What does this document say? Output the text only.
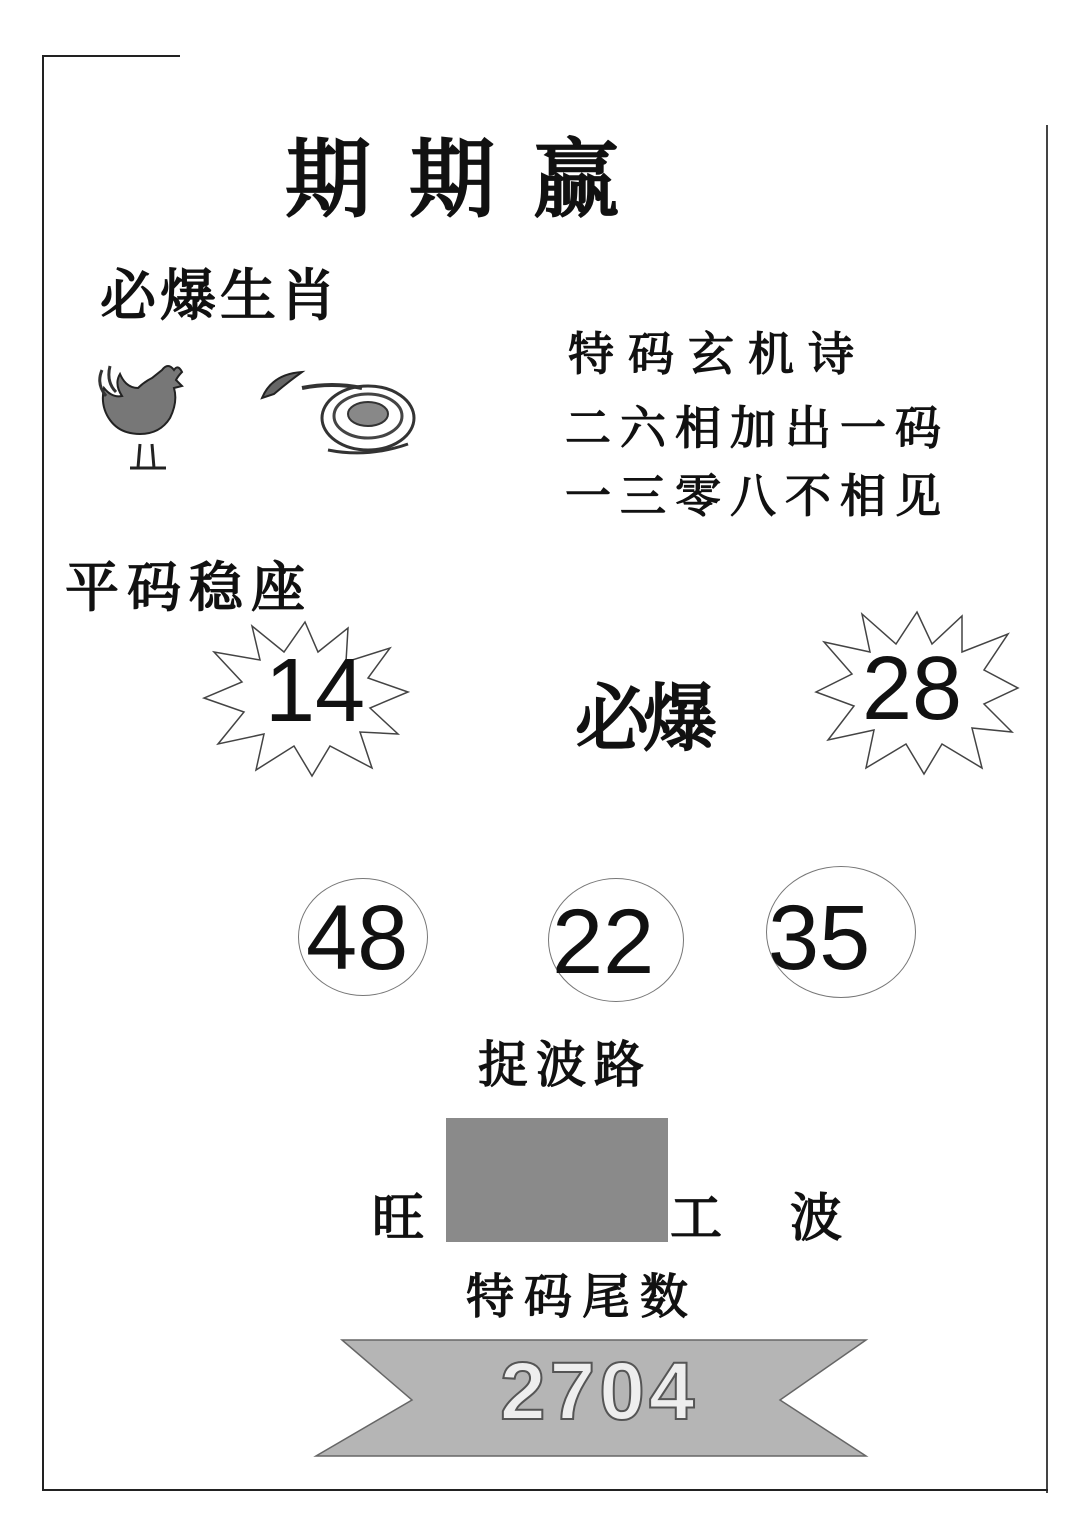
期期赢
必爆生肖
特码玄机诗
二六相加出一码
一三零八不相见
平码稳座
14	必爆 28
48 22 35
捉波路
旺	工 波
特码尾数
2704
